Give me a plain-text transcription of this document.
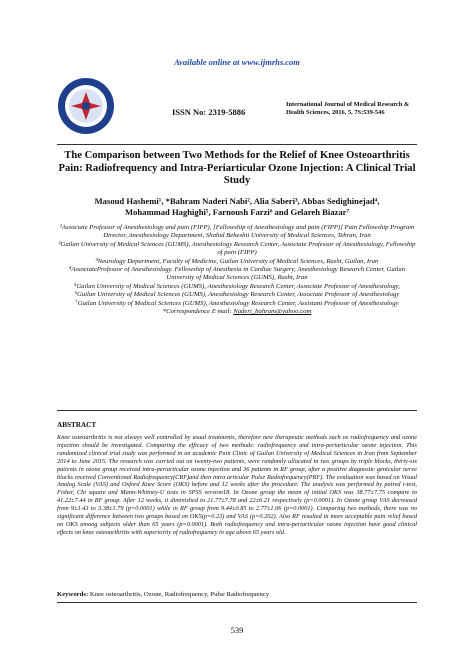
Available online at www.ijmrhs.com
ISSN No: 2319-5886
International Journal of Medical Research &
Health Sciences, 2016, 5, 7S:539-546
The Comparison between Two Methods for the Relief of Knee Osteoarthritis Pain: Radiofrequency and Intra-Periarticular Ozone Injection: A Clinical Trial Study
Masoud Hashemi¹, *Bahram Naderi Nabi², Alia Saberi³, Abbas Sedighinejad⁴,
Mohammad Haghighi⁵, Farnoush Farzi⁶ and Gelareh Biazar⁷

¹Associate Professor of Anesthesiology and pain (FIPP), [Fellowship of Anesthesiology and pain (FIPP)] Pain Fellowship Program Director, Anesthesiology Department, Shahid Beheshti University of Medical Sciences, Tehran, Iran

²Guilan University of Medical Sciences (GUMS), Anesthesiology Research Center, Associate Professor of Anesthesiology, Fellowship of pain (FIPP)

³Neurology Department, Faculty of Medicine, Guilan University of Medical Sciences, Rasht, Guilan, Iran

⁴AssociateProfessor of Anesthesiology. Fellowship of Anesthesia in Cardiac Surgery, Anesthesiology Research Center, Guilan University of Medical Sciences (GUMS), Rasht, Iran

⁵Guilan University of Medical Sciences (GUMS), Anesthesiology Research Center, Associate Professor of Anesthesiology,

⁶Guilan University of Medical Sciences (GUMS), Anesthesiology Research Center, Associate Professor of Anesthesiology

⁷Guilan University of Medical Sciences (GUMS), Anesthesiology Research Center, Assistant Professor of Anesthesiology

*Correspondence E mail: Naderi_bahram@yahoo.com

ABSTRACT

Knee osteoarthritis is not always well controlled by usual treatments, therefore new therapeutic methods such as radiofrequency and ozone injection should be investigated. Comparing the efficacy of two methods: radiofrequency and intra-periarticular ozone injection. This randomized clinical trial study was performed in an academic Pain Clinic of Guilan University of Medical Sciences in Iran from September 2014 to June 2015. The research was carried out on twenty-two patients, were randomly allocated in two groups by triple blocks, thirty-six patients in ozone group received intra-periarticular ozone injection and 36 patients in RF group, after a positive diagnostic genicular nerve blocks received Conventional Radiofrequency(CRF)and then intra articular Pulse Radiofrequency(PRF). The evaluation was based on Visual Analog Scale (VAS) and Oxford Knee Score (OKS) before and 12 weeks after the procedure. The analysis was performed by paired t-test, Fisher, Chi square and Mann-Whitney-U tests in SPSS version18. In Ozone group the mean of initial OKS was 38.77±7.75 compare to 41.22±7.44 in RF group. After 12 weeks, it diminished to 21.77±7.78 and 22±6.21 respectively (p=0.0001). In Ozone group VAS decreased from 9±1.43 to 3.38±1.79 (p=0.0001) while in RF group from 9.44±0.85 to 2.77±1.06 (p=0.0001). Comparing two methods, there was no significant difference between two groups based on OKS(p=0.23) and VAS (p=0.202). Also RF resulted in more acceptable pain relief based on OKS among subjects older than 65 years (p=0.0001). Both radiofrequency and intra-periarticular ozone injection have good clinical effects on knee osteoarthritis with superiority of radiofrequency in age above 65 years old.

Keywords: Knee osteoarthritis, Ozone, Radiofrequency, Pulse Radiofrequency
539
